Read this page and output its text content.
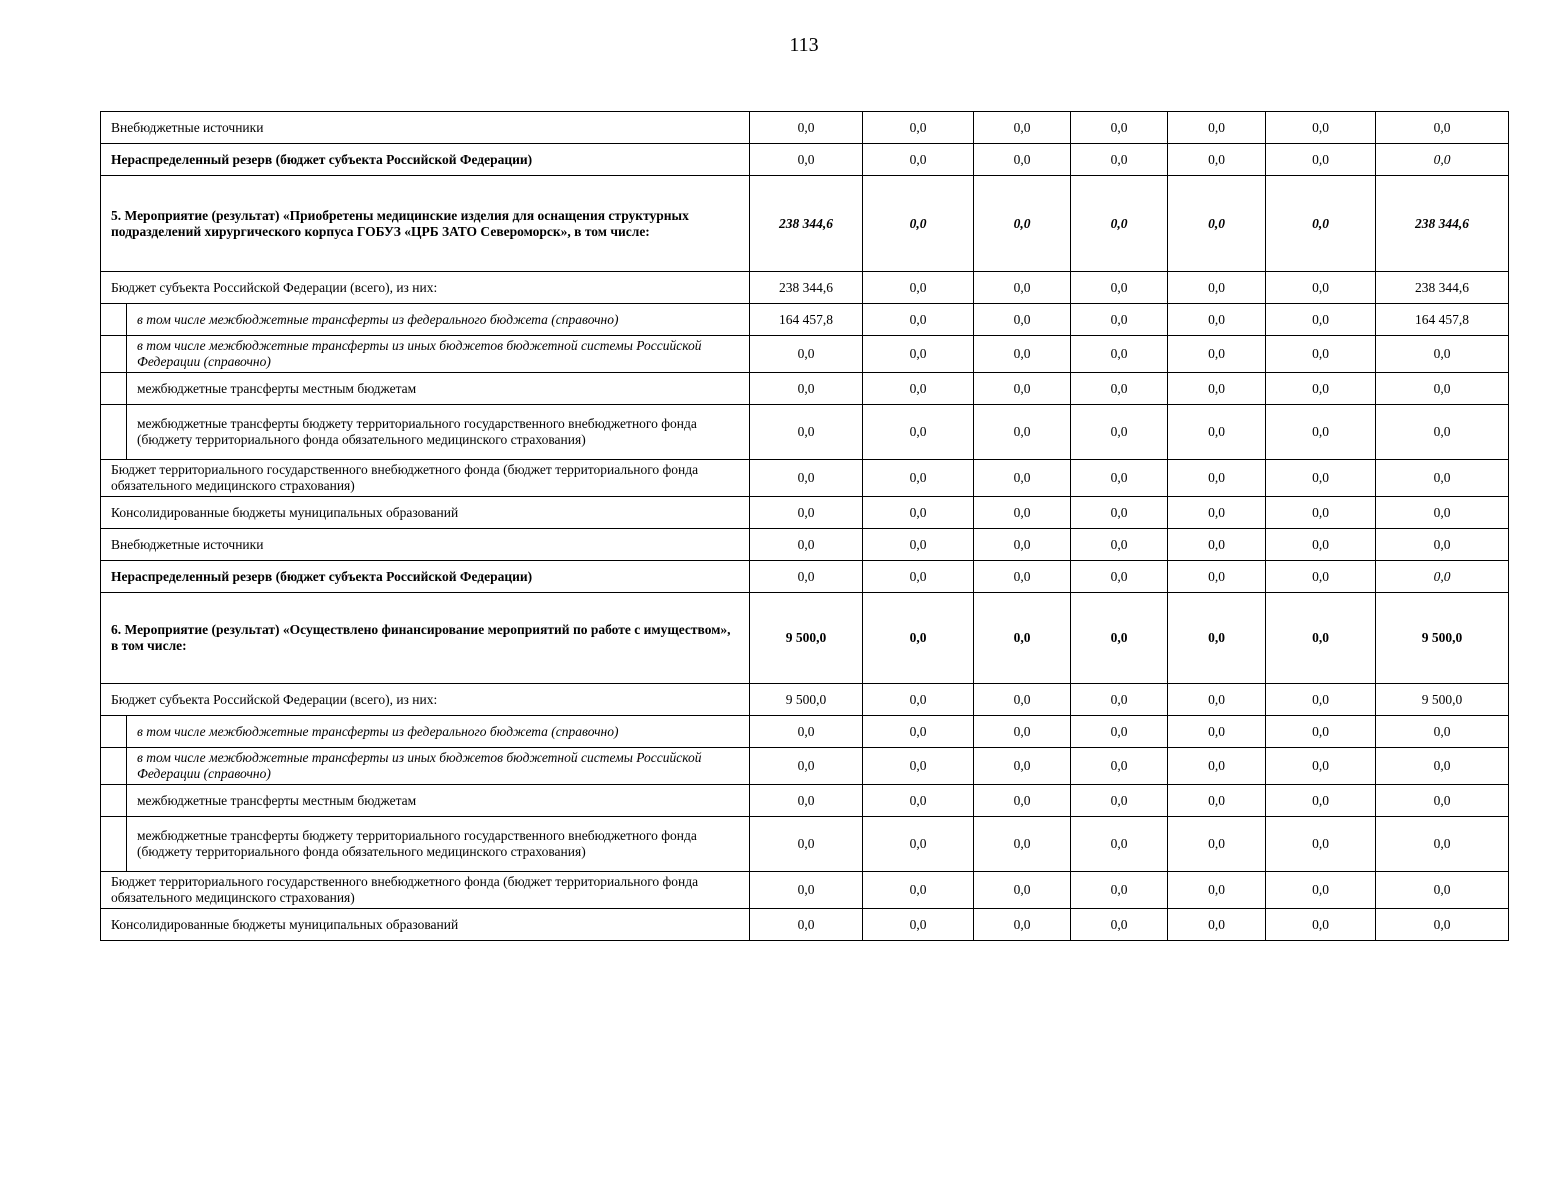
113
Внебюджетные источники		0,0	0,0	0,0	0,0	0,0	0,0	0,0
Нераспределенный резерв (бюджет субъекта Российской Федерации)		0,0	0,0	0,0	0,0	0,0	0,0	0,0
5. Мероприятие (результат) «Приобретены медицинские изделия для оснащения структурных подразделений хирургического корпуса ГОБУЗ «ЦРБ ЗАТО Североморск», в том числе:		238 344,6	0,0	0,0	0,0	0,0	0,0	238 344,6
Бюджет субъекта Российской Федерации (всего), из них:		238 344,6	0,0	0,0	0,0	0,0	0,0	238 344,6
	в том числе межбюджетные трансферты из федерального бюджета (справочно)	164 457,8	0,0	0,0	0,0	0,0	0,0	164 457,8
	в том числе межбюджетные трансферты из иных бюджетов бюджетной системы Российской Федерации (справочно)	0,0	0,0	0,0	0,0	0,0	0,0	0,0
	межбюджетные трансферты местным бюджетам	0,0	0,0	0,0	0,0	0,0	0,0	0,0
	межбюджетные трансферты бюджету территориального государственного внебюджетного фонда (бюджету территориального фонда обязательного медицинского страхования)	0,0	0,0	0,0	0,0	0,0	0,0	0,0
Бюджет территориального государственного внебюджетного фонда (бюджет территориального фонда обязательного медицинского страхования)		0,0	0,0	0,0	0,0	0,0	0,0	0,0
Консолидированные бюджеты муниципальных образований		0,0	0,0	0,0	0,0	0,0	0,0	0,0
Внебюджетные источники		0,0	0,0	0,0	0,0	0,0	0,0	0,0
Нераспределенный резерв (бюджет субъекта Российской Федерации)		0,0	0,0	0,0	0,0	0,0	0,0	0,0
6. Мероприятие (результат) «Осуществлено финансирование мероприятий по работе с имуществом», в том числе:		9 500,0	0,0	0,0	0,0	0,0	0,0	9 500,0
Бюджет субъекта Российской Федерации (всего), из них:		9 500,0	0,0	0,0	0,0	0,0	0,0	9 500,0
	в том числе межбюджетные трансферты из федерального бюджета (справочно)	0,0	0,0	0,0	0,0	0,0	0,0	0,0
	в том числе межбюджетные трансферты из иных бюджетов бюджетной системы Российской Федерации (справочно)	0,0	0,0	0,0	0,0	0,0	0,0	0,0
	межбюджетные трансферты местным бюджетам	0,0	0,0	0,0	0,0	0,0	0,0	0,0
	межбюджетные трансферты бюджету территориального государственного внебюджетного фонда (бюджету территориального фонда обязательного медицинского страхования)	0,0	0,0	0,0	0,0	0,0	0,0	0,0
Бюджет территориального государственного внебюджетного фонда (бюджет территориального фонда обязательного медицинского страхования)		0,0	0,0	0,0	0,0	0,0	0,0	0,0
Консолидированные бюджеты муниципальных образований		0,0	0,0	0,0	0,0	0,0	0,0	0,0
